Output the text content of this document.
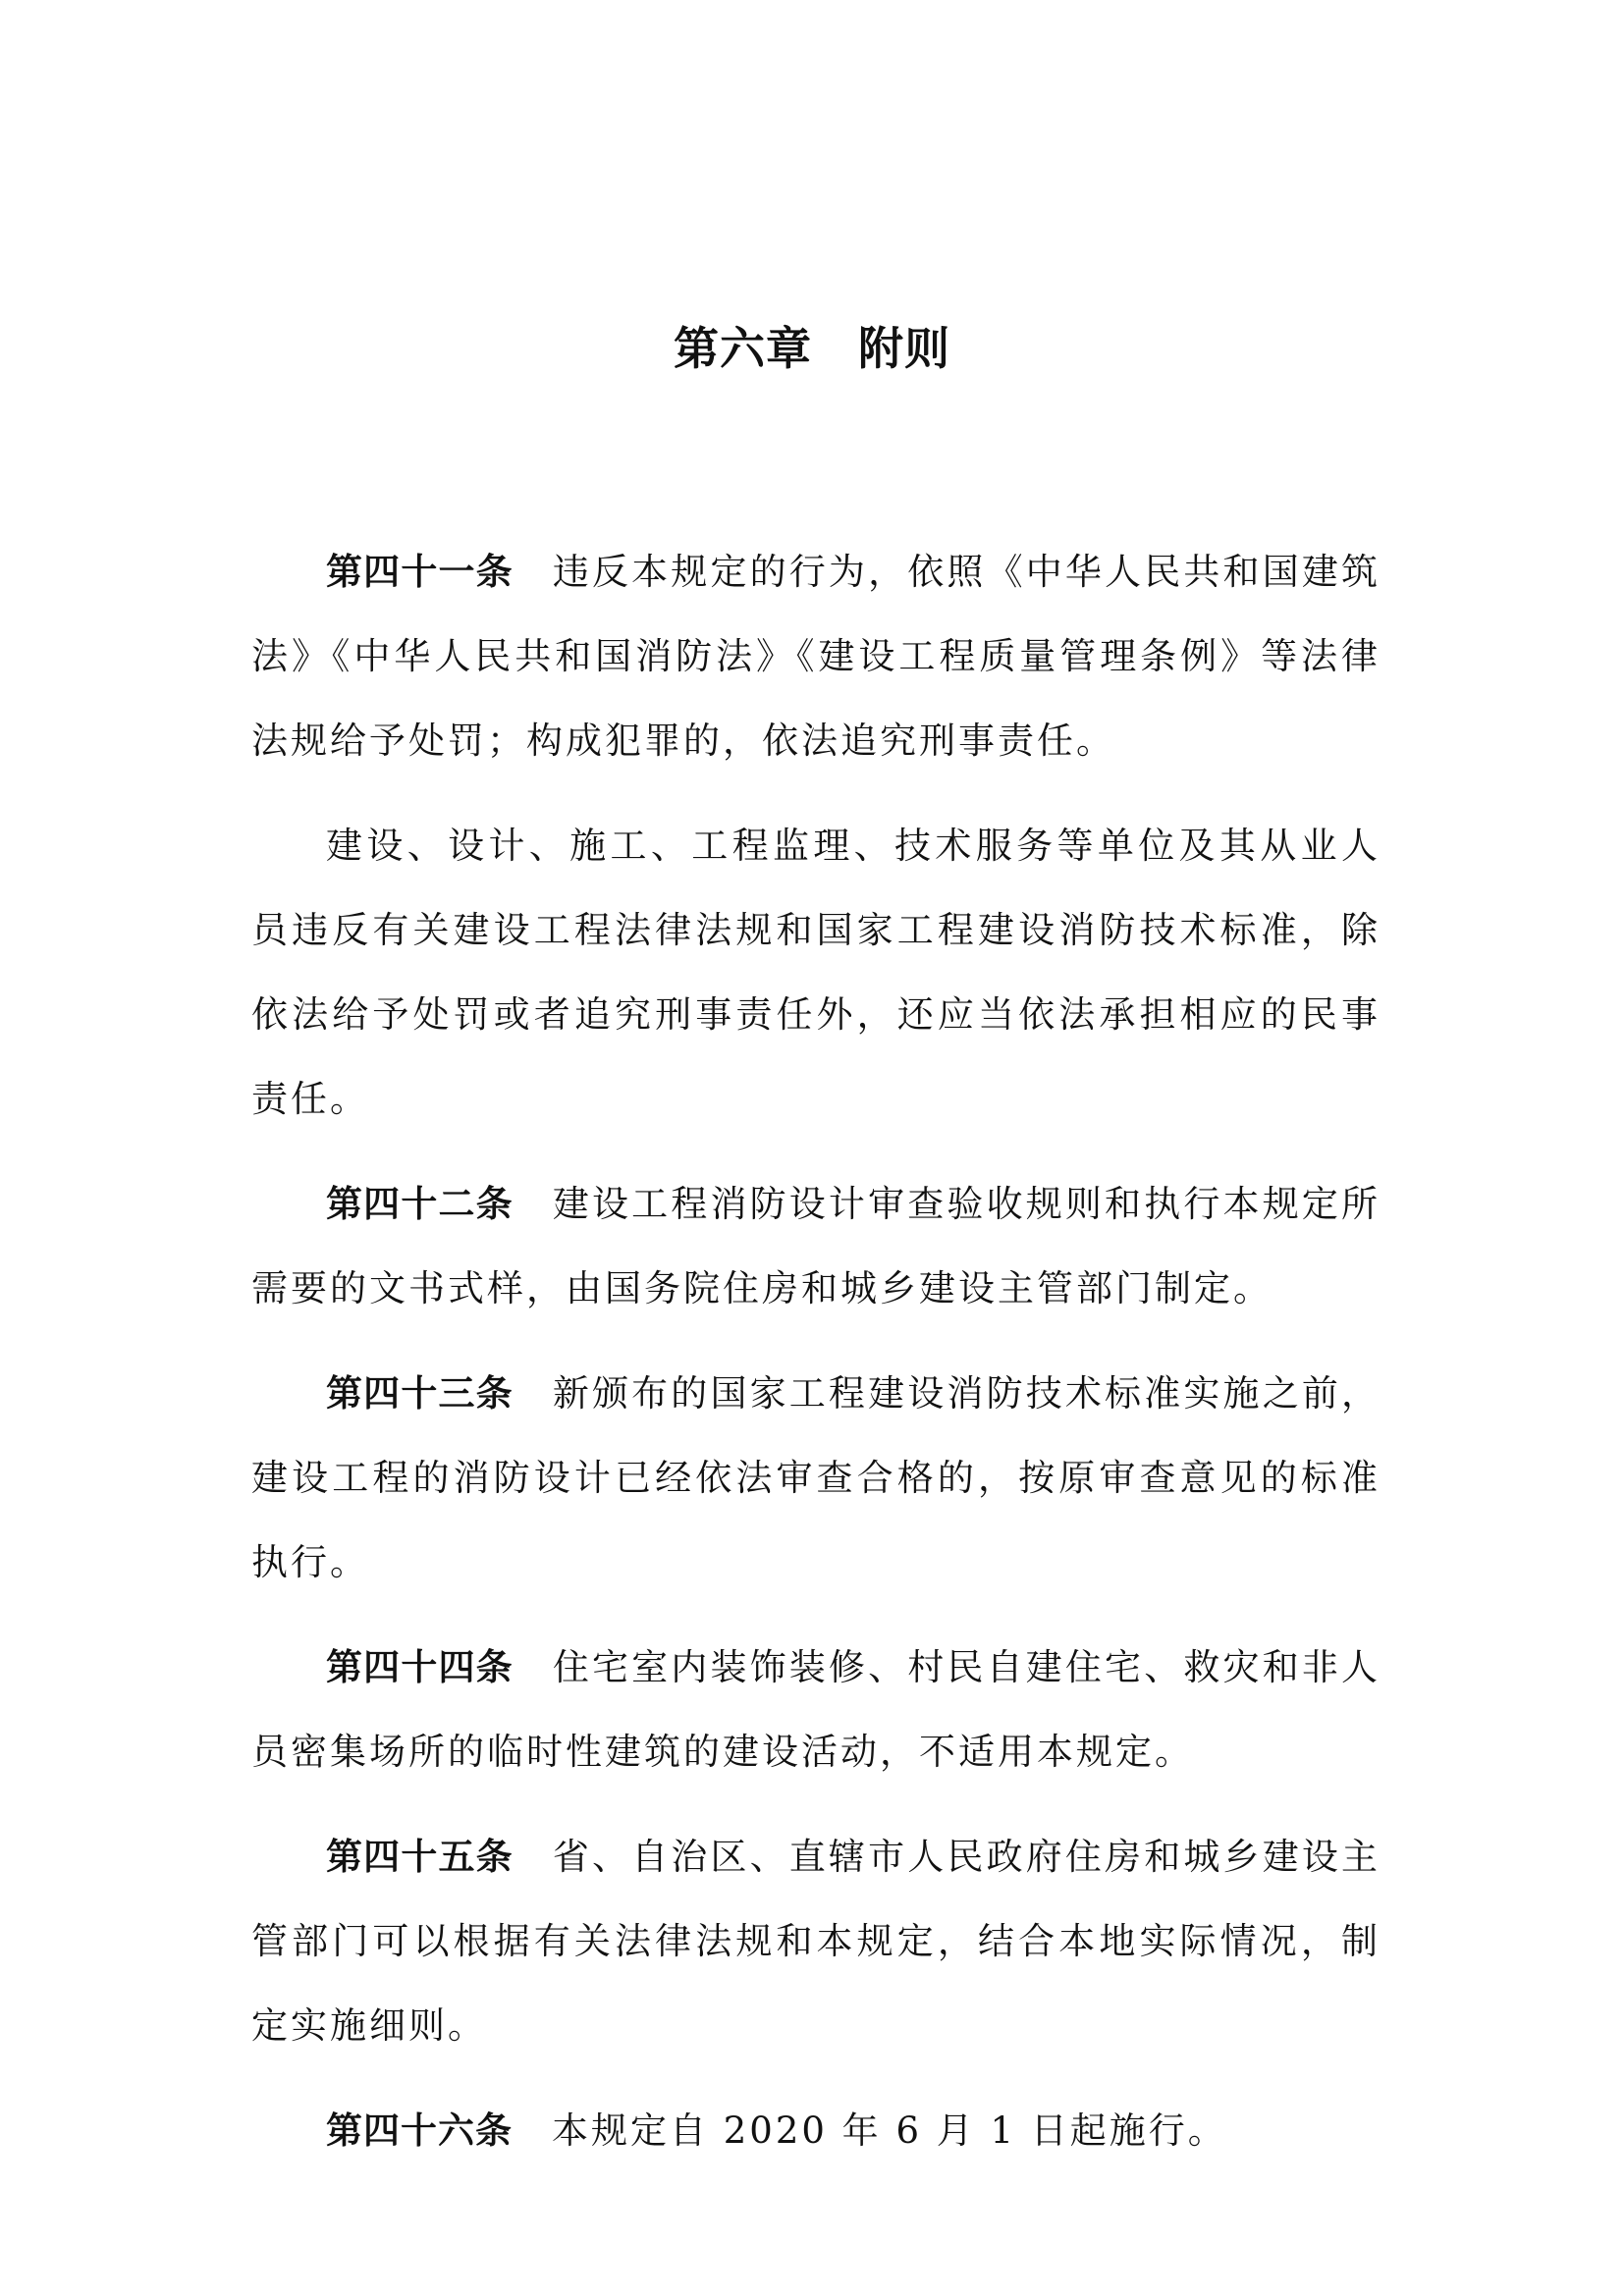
第六章　附则

第四十一条 违反本规定的行为，依照《中华人民共和国建筑法》《中华人民共和国消防法》《建设工程质量管理条例》等法律法规给予处罚；构成犯罪的，依法追究刑事责任。

建设、设计、施工、工程监理、技术服务等单位及其从业人员违反有关建设工程法律法规和国家工程建设消防技术标准，除依法给予处罚或者追究刑事责任外，还应当依法承担相应的民事责任。

第四十二条 建设工程消防设计审查验收规则和执行本规定所需要的文书式样，由国务院住房和城乡建设主管部门制定。

第四十三条 新颁布的国家工程建设消防技术标准实施之前，建设工程的消防设计已经依法审查合格的，按原审查意见的标准执行。

第四十四条 住宅室内装饰装修、村民自建住宅、救灾和非人员密集场所的临时性建筑的建设活动，不适用本规定。

第四十五条 省、自治区、直辖市人民政府住房和城乡建设主管部门可以根据有关法律法规和本规定，结合本地实际情况，制定实施细则。

第四十六条 本规定自 2020 年 6 月 1 日起施行。
